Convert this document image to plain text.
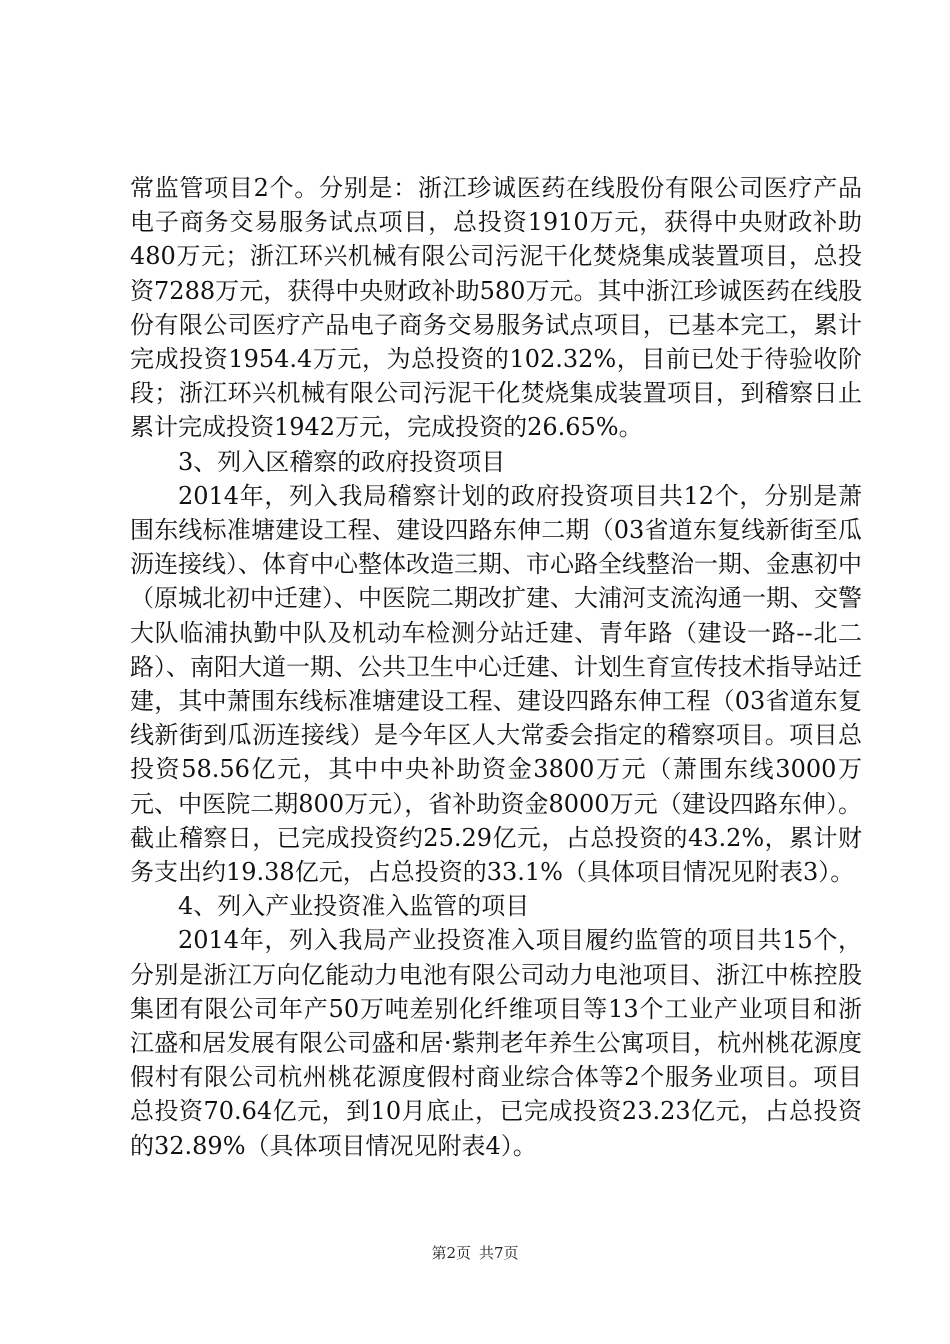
常监管项目2个。分别是：浙江珍诚医药在线股份有限公司医疗产品电子商务交易服务试点项目，总投资1910万元，获得中央财政补助480万元；浙江环兴机械有限公司污泥干化焚烧集成装置项目，总投资7288万元，获得中央财政补助580万元。其中浙江珍诚医药在线股份有限公司医疗产品电子商务交易服务试点项目，已基本完工，累计完成投资1954.4万元，为总投资的102.32%，目前已处于待验收阶段；浙江环兴机械有限公司污泥干化焚烧集成装置项目，到稽察日止累计完成投资1942万元，完成投资的26.65%。

3、列入区稽察的政府投资项目

2014年，列入我局稽察计划的政府投资项目共12个，分别是萧围东线标准塘建设工程、建设四路东伸二期（03省道东复线新街至瓜沥连接线）、体育中心整体改造三期、市心路全线整治一期、金惠初中（原城北初中迁建）、中医院二期改扩建、大浦河支流沟通一期、交警大队临浦执勤中队及机动车检测分站迁建、青年路（建设一路--北二路）、南阳大道一期、公共卫生中心迁建、计划生育宣传技术指导站迁建，其中萧围东线标准塘建设工程、建设四路东伸工程（03省道东复线新街到瓜沥连接线）是今年区人大常委会指定的稽察项目。项目总投资58.56亿元，其中中央补助资金3800万元（萧围东线3000万元、中医院二期800万元），省补助资金8000万元（建设四路东伸）。截止稽察日，已完成投资约25.29亿元，占总投资的43.2%，累计财务支出约19.38亿元，占总投资的33.1%（具体项目情况见附表3）。

4、列入产业投资准入监管的项目

2014年，列入我局产业投资准入项目履约监管的项目共15个，分别是浙江万向亿能动力电池有限公司动力电池项目、浙江中栋控股集团有限公司年产50万吨差别化纤维项目等13个工业产业项目和浙江盛和居发展有限公司盛和居·紫荆老年养生公寓项目，杭州桃花源度假村有限公司杭州桃花源度假村商业综合体等2个服务业项目。项目总投资70.64亿元，到10月底止，已完成投资23.23亿元，占总投资的32.89%（具体项目情况见附表4）。

第2页 共7页
